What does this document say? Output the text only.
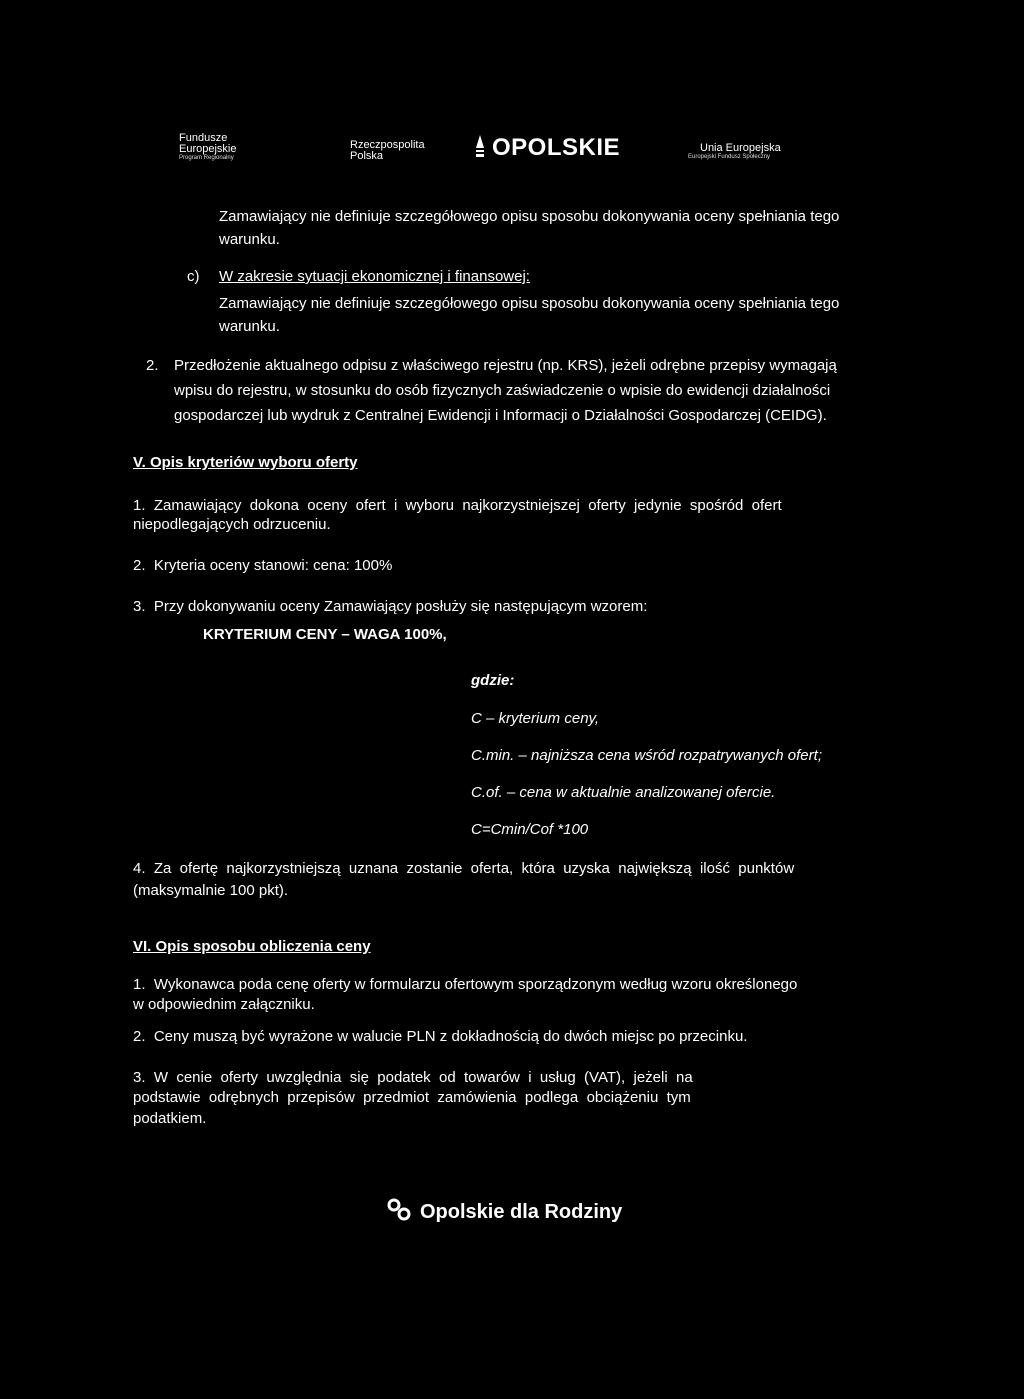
Fundusze
Europejskie
Program Regionalny
Rzeczpospolita
Polska	OPOLSKIE	Unia Europejska
Europejski Fundusz Społeczny
Zamawiający nie definiuje szczegółowego opisu sposobu dokonywania oceny spełniania tego
warunku.
c) W zakresie sytuacji ekonomicznej i finansowej:
Zamawiający nie definiuje szczegółowego opisu sposobu dokonywania oceny spełniania tego
warunku.
2. Przedłożenie aktualnego odpisu z właściwego rejestru (np. KRS), jeżeli odrębne przepisy wymagają
wpisu do rejestru, w stosunku do osób fizycznych zaświadczenie o wpisie do ewidencji działalności
gospodarczej lub wydruk z Centralnej Ewidencji i Informacji o Działalności Gospodarczej (CEIDG).
V. Opis kryteriów wyboru oferty
1.  Zamawiający  dokona  oceny  ofert  i  wyboru  najkorzystniejszej  oferty  jedynie  spośród  ofert
niepodlegających odrzuceniu.
2.  Kryteria oceny stanowi: cena: 100%
3.  Przy dokonywaniu oceny Zamawiający posłuży się następującym wzorem:
KRYTERIUM CENY – WAGA 100%,
gdzie:
C – kryterium ceny,
C.min. – najniższa cena wśród rozpatrywanych ofert;
C.of. – cena w aktualnie analizowanej ofercie.
C=Cmin/Cof *100
4.  Za  ofertę  najkorzystniejszą  uznana  zostanie  oferta,  która  uzyska  największą  ilość  punktów
(maksymalnie 100 pkt).
VI. Opis sposobu obliczenia ceny
1.  Wykonawca poda cenę oferty w formularzu ofertowym sporządzonym według wzoru określonego
w odpowiednim załączniku.
2.  Ceny muszą być wyrażone w walucie PLN z dokładnością do dwóch miejsc po przecinku.
3.  W  cenie  oferty  uwzględnia  się  podatek  od  towarów  i  usług  (VAT),  jeżeli  na
podstawie  odrębnych  przepisów  przedmiot  zamówienia  podlega  obciążeniu  tym
podatkiem.
Opolskie dla Rodziny
